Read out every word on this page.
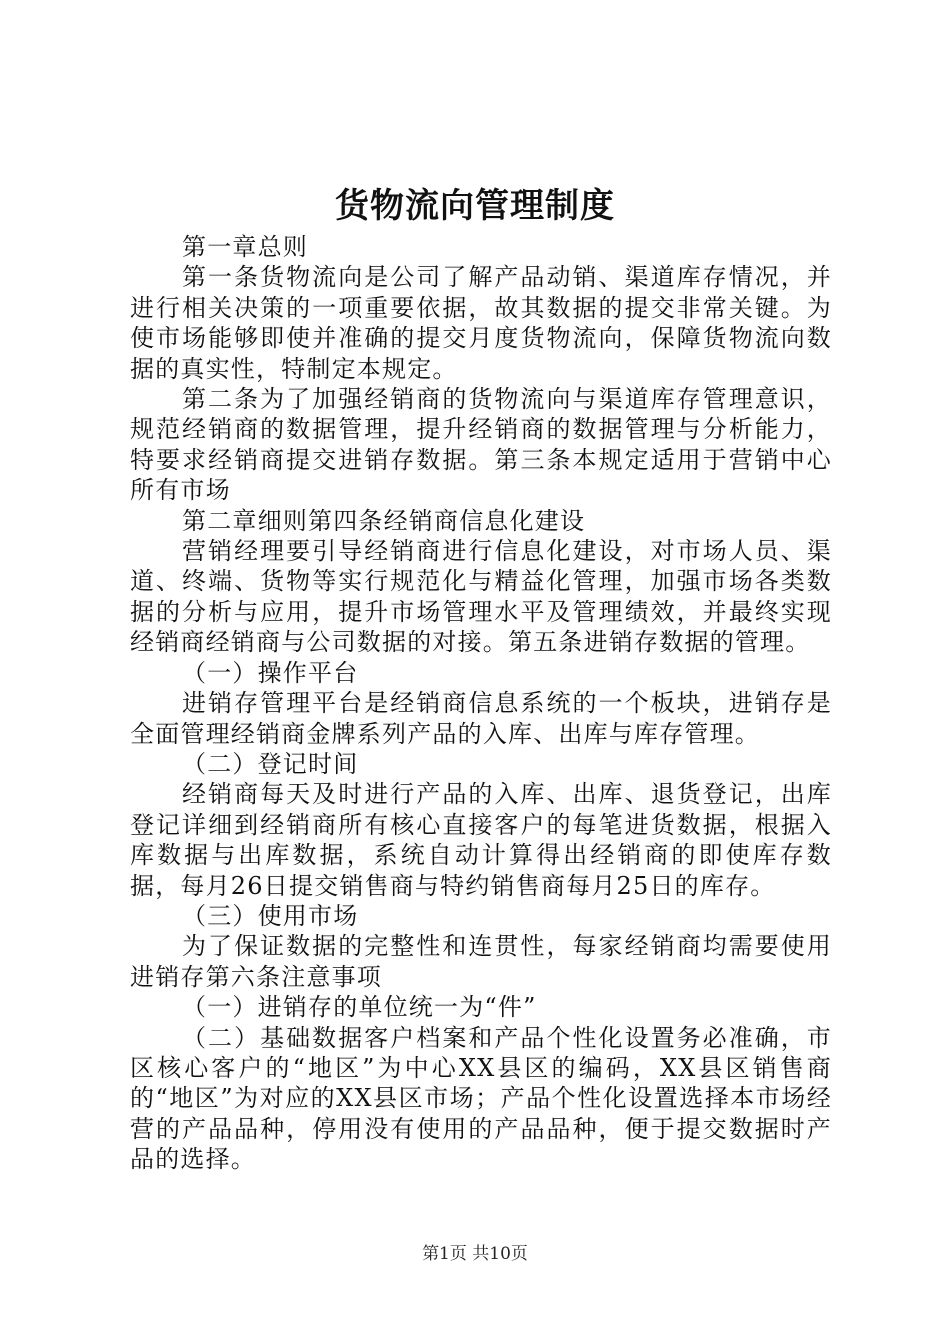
货物流向管理制度

第一章总则

第一条货物流向是公司了解产品动销、渠道库存情况，并进行相关决策的一项重要依据，故其数据的提交非常关键。为使市场能够即使并准确的提交月度货物流向，保障货物流向数据的真实性，特制定本规定。

第二条为了加强经销商的货物流向与渠道库存管理意识，规范经销商的数据管理，提升经销商的数据管理与分析能力，特要求经销商提交进销存数据。第三条本规定适用于营销中心所有市场

第二章细则第四条经销商信息化建设

营销经理要引导经销商进行信息化建设，对市场人员、渠道、终端、货物等实行规范化与精益化管理，加强市场各类数据的分析与应用，提升市场管理水平及管理绩效，并最终实现经销商经销商与公司数据的对接。第五条进销存数据的管理。

（一）操作平台

进销存管理平台是经销商信息系统的一个板块，进销存是全面管理经销商金牌系列产品的入库、出库与库存管理。

（二）登记时间

经销商每天及时进行产品的入库、出库、退货登记，出库登记详细到经销商所有核心直接客户的每笔进货数据，根据入库数据与出库数据，系统自动计算得出经销商的即使库存数据，每月26日提交销售商与特约销售商每月25日的库存。

（三）使用市场

为了保证数据的完整性和连贯性，每家经销商均需要使用进销存第六条注意事项

（一）进销存的单位统一为“件”

（二）基础数据客户档案和产品个性化设置务必准确，市区核心客户的“地区”为中心XX县区的编码，XX县区销售商的“地区”为对应的XX县区市场；产品个性化设置选择本市场经营的产品品种，停用没有使用的产品品种，便于提交数据时产品的选择。

第1页 共10页
